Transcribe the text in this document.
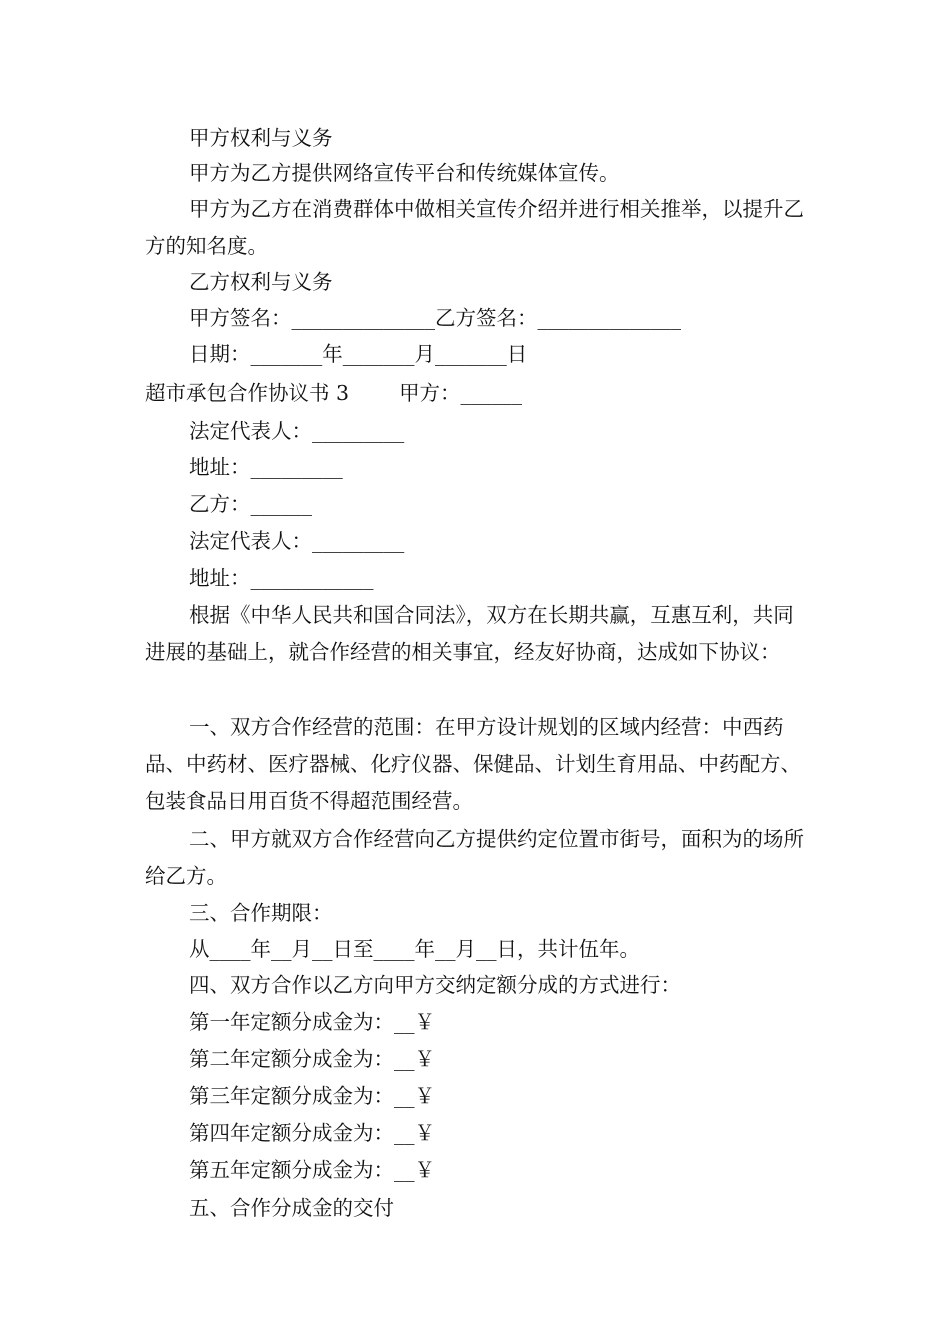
甲方权利与义务
甲方为乙方提供网络宣传平台和传统媒体宣传。
甲方为乙方在消费群体中做相关宣传介绍并进行相关推举，以提升乙方的知名度。
乙方权利与义务
甲方签名：______________乙方签名：______________
日期：_______年_______月_______日
超市承包合作协议书 3 甲方：______
法定代表人：_________
地址：_________
乙方：______
法定代表人：_________
地址：____________
根据《中华人民共和国合同法》，双方在长期共赢，互惠互利，共同进展的基础上，就合作经营的相关事宜，经友好协商，达成如下协议：
一、双方合作经营的范围：在甲方设计规划的区域内经营：中西药品、中药材、医疗器械、化疗仪器、保健品、计划生育用品、中药配方、包装食品日用百货不得超范围经营。
二、甲方就双方合作经营向乙方提供约定位置市街号，面积为的场所给乙方。
三、合作期限：
从____年__月__日至____年__月__日，共计伍年。
四、双方合作以乙方向甲方交纳定额分成的方式进行：
第一年定额分成金为：__￥
第二年定额分成金为：__￥
第三年定额分成金为：__￥
第四年定额分成金为：__￥
第五年定额分成金为：__￥
五、合作分成金的交付
